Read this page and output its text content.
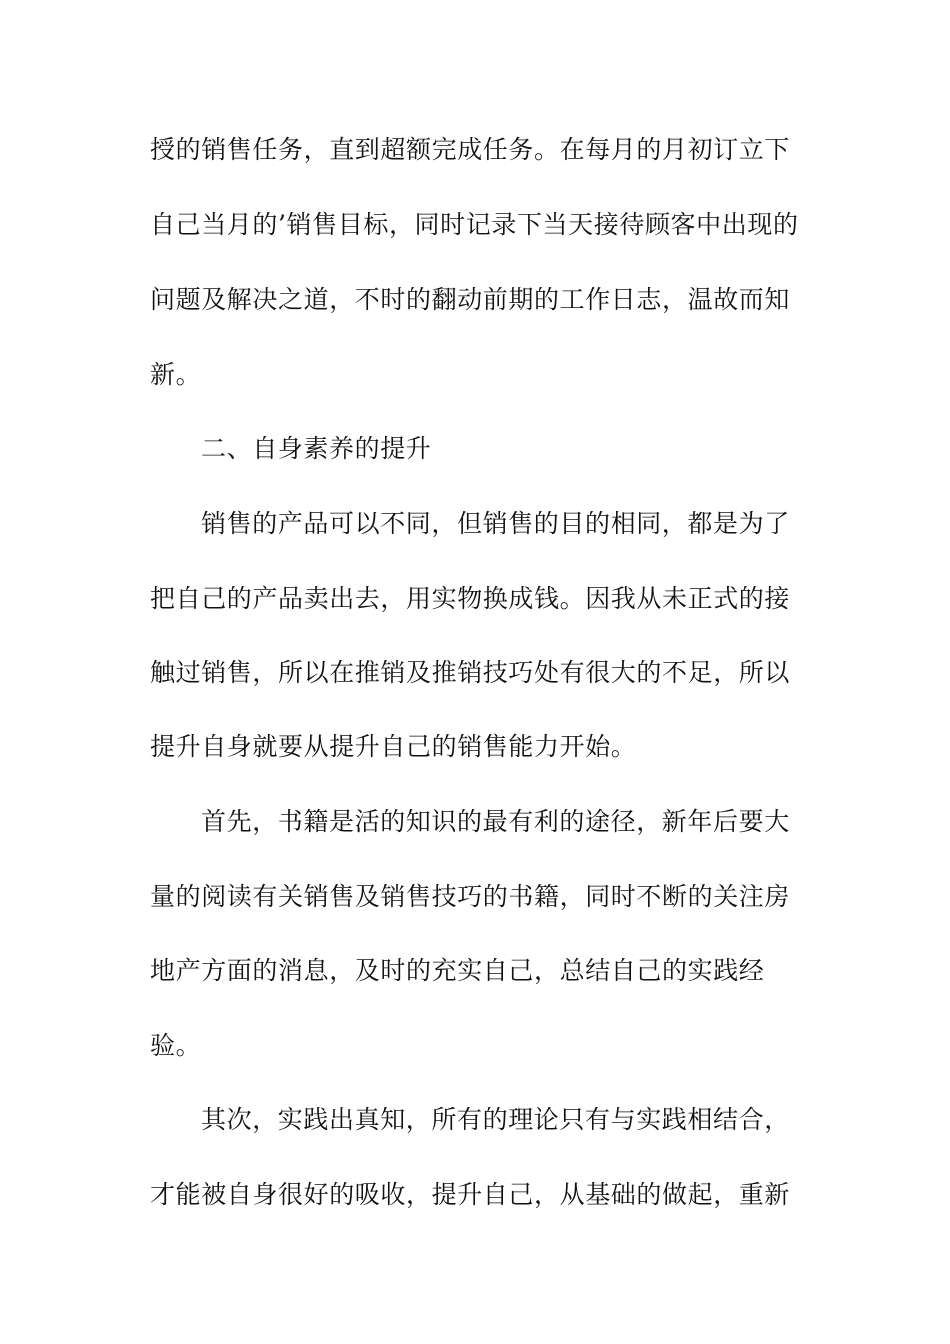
授的销售任务，直到超额完成任务。在每月的月初订立下
自己当月的’销售目标，同时记录下当天接待顾客中出现的
问题及解决之道，不时的翻动前期的工作日志，温故而知
新。
二、自身素养的提升
销售的产品可以不同，但销售的目的相同，都是为了
把自己的产品卖出去，用实物换成钱。因我从未正式的接
触过销售，所以在推销及推销技巧处有很大的不足，所以
提升自身就要从提升自己的销售能力开始。
首先，书籍是活的知识的最有利的途径，新年后要大
量的阅读有关销售及销售技巧的书籍，同时不断的关注房
地产方面的消息，及时的充实自己，总结自己的实践经
验。
其次，实践出真知，所有的理论只有与实践相结合，
才能被自身很好的吸收，提升自己，从基础的做起，重新
